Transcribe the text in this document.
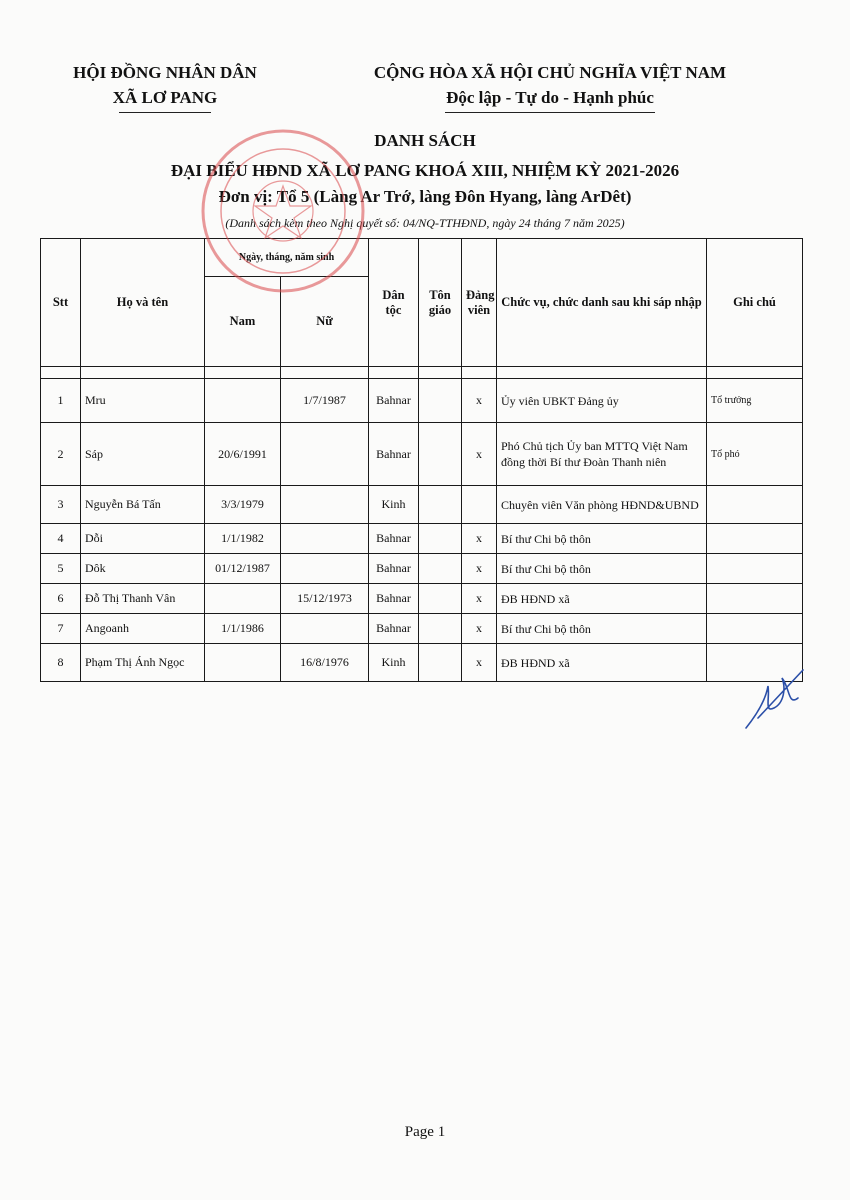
HỘI ĐỒNG NHÂN DÂN
XÃ LƠ PANG
CỘNG HÒA XÃ HỘI CHỦ NGHĨA VIỆT NAM
Độc lập - Tự do - Hạnh phúc
DANH SÁCH
ĐẠI BIỂU HĐND XÃ LƠ PANG KHOÁ XIII, NHIỆM KỲ 2021-2026
Đơn vị: Tổ 5 (Làng Ar Trớ, làng Đôn Hyang, làng ArDêt)
(Danh sách kèm theo Nghị quyết số: 04/NQ-TTHĐND, ngày 24 tháng 7 năm 2025)
Stt	Họ và tên	Ngày, tháng, năm sinh		Dân tộc	Tôn giáo	Đảng viên	Chức vụ, chức danh sau khi sáp nhập	Ghi chú
		Nam	Nữ					

1	Mru		1/7/1987	Bahnar		x	Ủy viên UBKT Đảng ủy	Tổ trưởng
2	Sáp	20/6/1991		Bahnar		x	Phó Chủ tịch Ủy ban MTTQ Việt Nam đồng thời Bí thư Đoàn Thanh niên	Tổ phó
3	Nguyễn Bá Tấn	3/3/1979		Kinh			Chuyên viên Văn phòng HĐND&UBND	
4	Dỗi	1/1/1982		Bahnar		x	Bí thư Chi bộ thôn	
5	Dôk	01/12/1987		Bahnar		x	Bí thư Chi bộ thôn	
6	Đỗ Thị Thanh Vân		15/12/1973	Bahnar		x	ĐB HĐND xã	
7	Angoanh	1/1/1986		Bahnar		x	Bí thư Chi bộ thôn	
8	Phạm Thị Ánh Ngọc		16/8/1976	Kinh		x	ĐB HĐND xã	
Page 1
